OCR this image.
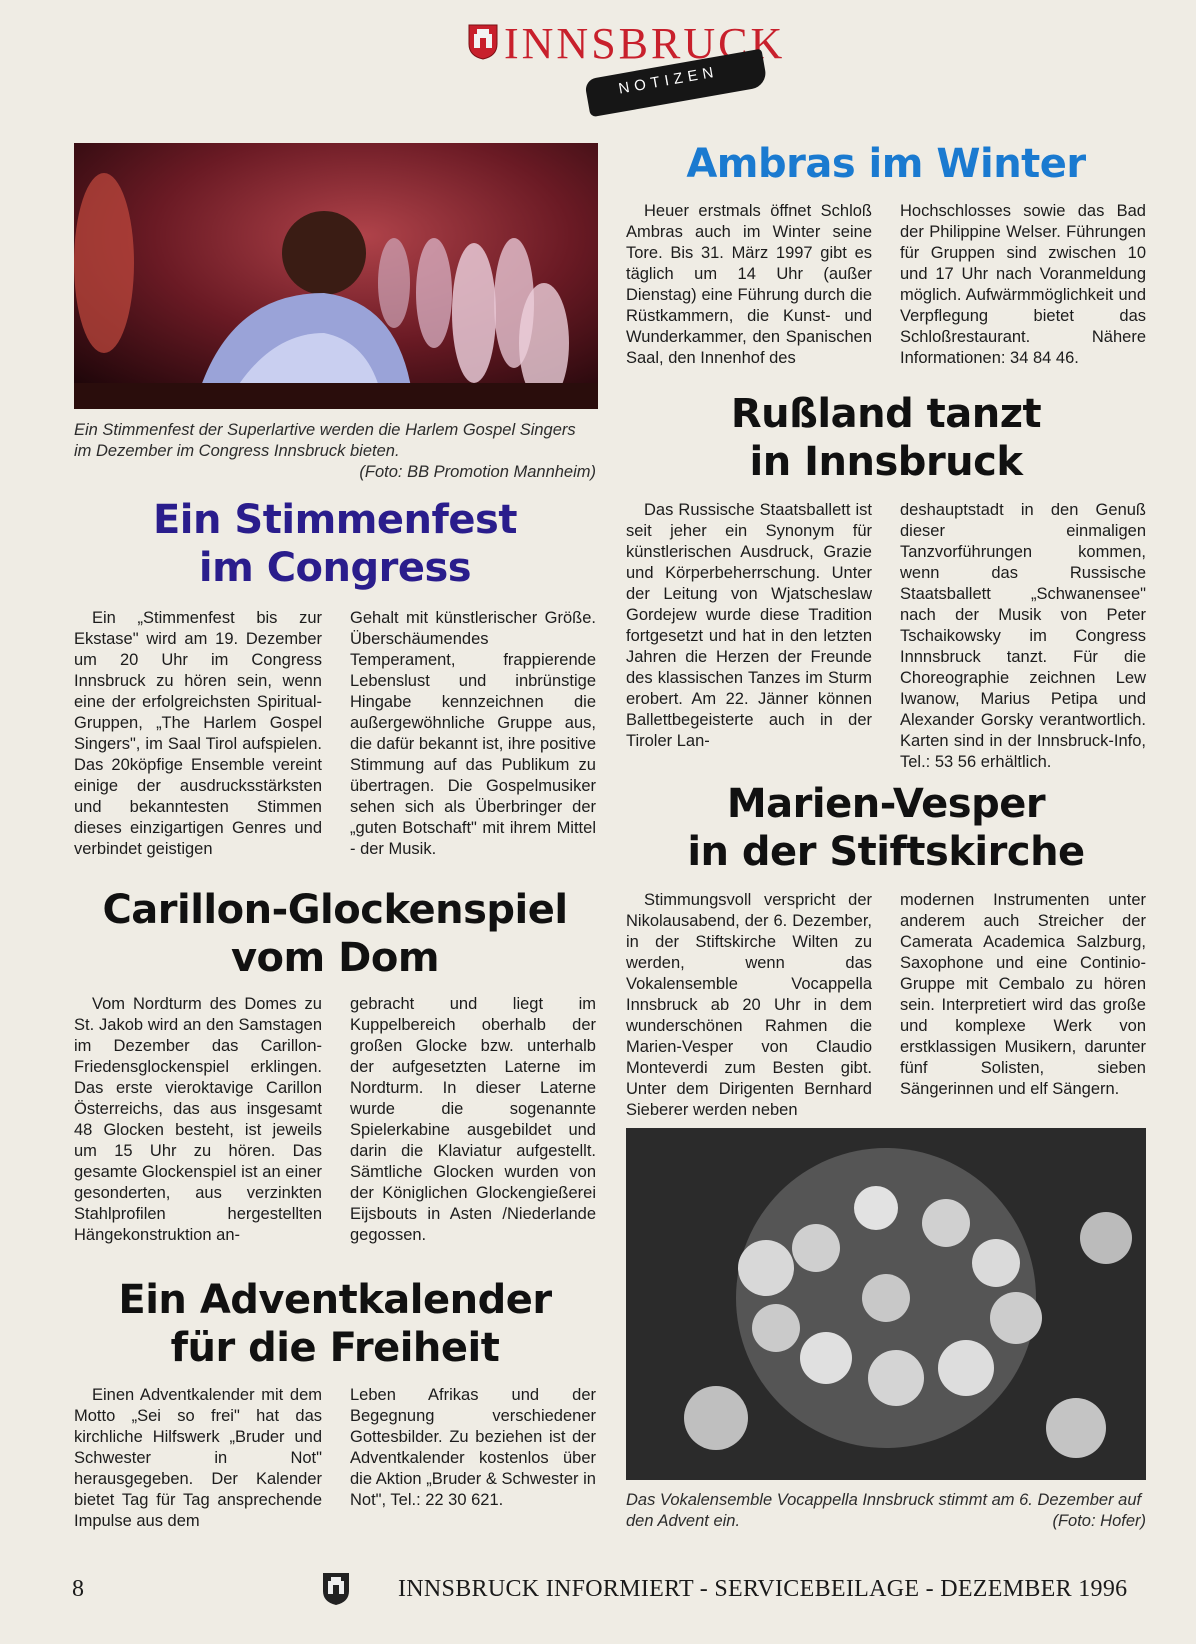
INNSBRUCK
NOTIZEN
Ein Stimmenfest der Superlartive werden die Harlem Gospel Singers im Dezember im Congress Innsbruck bieten.
(Foto: BB Promotion Mannheim)
Ein Stimmenfest
im Congress

Ein „Stimmenfest bis zur Ekstase" wird am 19. Dezember um 20 Uhr im Congress Innsbruck zu hören sein, wenn eine der erfolgreichsten Spiritual-Gruppen, „The Harlem Gospel Singers", im Saal Tirol aufspielen. Das 20köpfige Ensemble vereint einige der ausdrucksstärksten und bekanntesten Stimmen dieses einzigartigen Genres und verbindet geistigen

Gehalt mit künstlerischer Größe. Überschäumendes Temperament, frappierende Lebenslust und inbrünstige Hingabe kennzeichnen die außergewöhnliche Gruppe aus, die dafür bekannt ist, ihre positive Stimmung auf das Publikum zu übertragen. Die Gospelmusiker sehen sich als Überbringer der „guten Botschaft" mit ihrem Mittel - der Musik.

Carillon-Glockenspiel
vom Dom

Vom Nordturm des Domes zu St. Jakob wird an den Samstagen im Dezember das Carillon-Friedensglockenspiel erklingen. Das erste vieroktavige Carillon Österreichs, das aus insgesamt 48 Glocken besteht, ist jeweils um 15 Uhr zu hören. Das gesamte Glockenspiel ist an einer gesonderten, aus verzinkten Stahlprofilen hergestellten Hängekonstruktion an-

gebracht und liegt im Kuppelbereich oberhalb der großen Glocke bzw. unterhalb der aufgesetzten Laterne im Nordturm. In dieser Laterne wurde die sogenannte Spielerkabine ausgebildet und darin die Klaviatur aufgestellt. Sämtliche Glocken wurden von der Königlichen Glockengießerei Eijsbouts in Asten /Niederlande gegossen.

Ein Adventkalender
für die Freiheit

Einen Adventkalender mit dem Motto „Sei so frei" hat das kirchliche Hilfswerk „Bruder und Schwester in Not" herausgegeben. Der Kalender bietet Tag für Tag ansprechende Impulse aus dem

Leben Afrikas und der Begegnung verschiedener Gottesbilder. Zu beziehen ist der Adventkalender kostenlos über die Aktion „Bruder & Schwester in Not", Tel.: 22 30 621.

Ambras im Winter

Heuer erstmals öffnet Schloß Ambras auch im Winter seine Tore. Bis 31. März 1997 gibt es täglich um 14 Uhr (außer Dienstag) eine Führung durch die Rüstkammern, die Kunst- und Wunderkammer, den Spanischen Saal, den Innenhof des

Hochschlosses sowie das Bad der Philippine Welser. Führungen für Gruppen sind zwischen 10 und 17 Uhr nach Voranmeldung möglich. Aufwärmmöglichkeit und Verpflegung bietet das Schloßrestaurant. Nähere Informationen: 34 84 46.

Rußland tanzt
in Innsbruck

Das Russische Staatsballett ist seit jeher ein Synonym für künstlerischen Ausdruck, Grazie und Körperbeherrschung. Unter der Leitung von Wjatscheslaw Gordejew wurde diese Tradition fortgesetzt und hat in den letzten Jahren die Herzen der Freunde des klassischen Tanzes im Sturm erobert. Am 22. Jänner können Ballettbegeisterte auch in der Tiroler Lan-

deshauptstadt in den Genuß dieser einmaligen Tanzvorführungen kommen, wenn das Russische Staatsballett „Schwanensee" nach der Musik von Peter Tschaikowsky im Congress Innnsbruck tanzt. Für die Choreographie zeichnen Lew Iwanow, Marius Petipa und Alexander Gorsky verantwortlich. Karten sind in der Innsbruck-Info, Tel.: 53 56 erhältlich.

Marien-Vesper
in der Stiftskirche

Stimmungsvoll verspricht der Nikolausabend, der 6. Dezember, in der Stiftskirche Wilten zu werden, wenn das Vokalensemble Vocappella Innsbruck ab 20 Uhr in dem wunderschönen Rahmen die Marien-Vesper von Claudio Monteverdi zum Besten gibt. Unter dem Dirigenten Bernhard Sieberer werden neben

modernen Instrumenten unter anderem auch Streicher der Camerata Academica Salzburg, Saxophone und eine Continio-Gruppe mit Cembalo zu hören sein. Interpretiert wird das große und komplexe Werk von erstklassigen Musikern, darunter fünf Solisten, sieben Sängerinnen und elf Sängern.

Das Vokalensemble Vocappella Innsbruck stimmt am 6. Dezember auf den Advent ein.	(Foto: Hofer)
8	INNSBRUCK INFORMIERT - SERVICEBEILAGE - DEZEMBER 1996
